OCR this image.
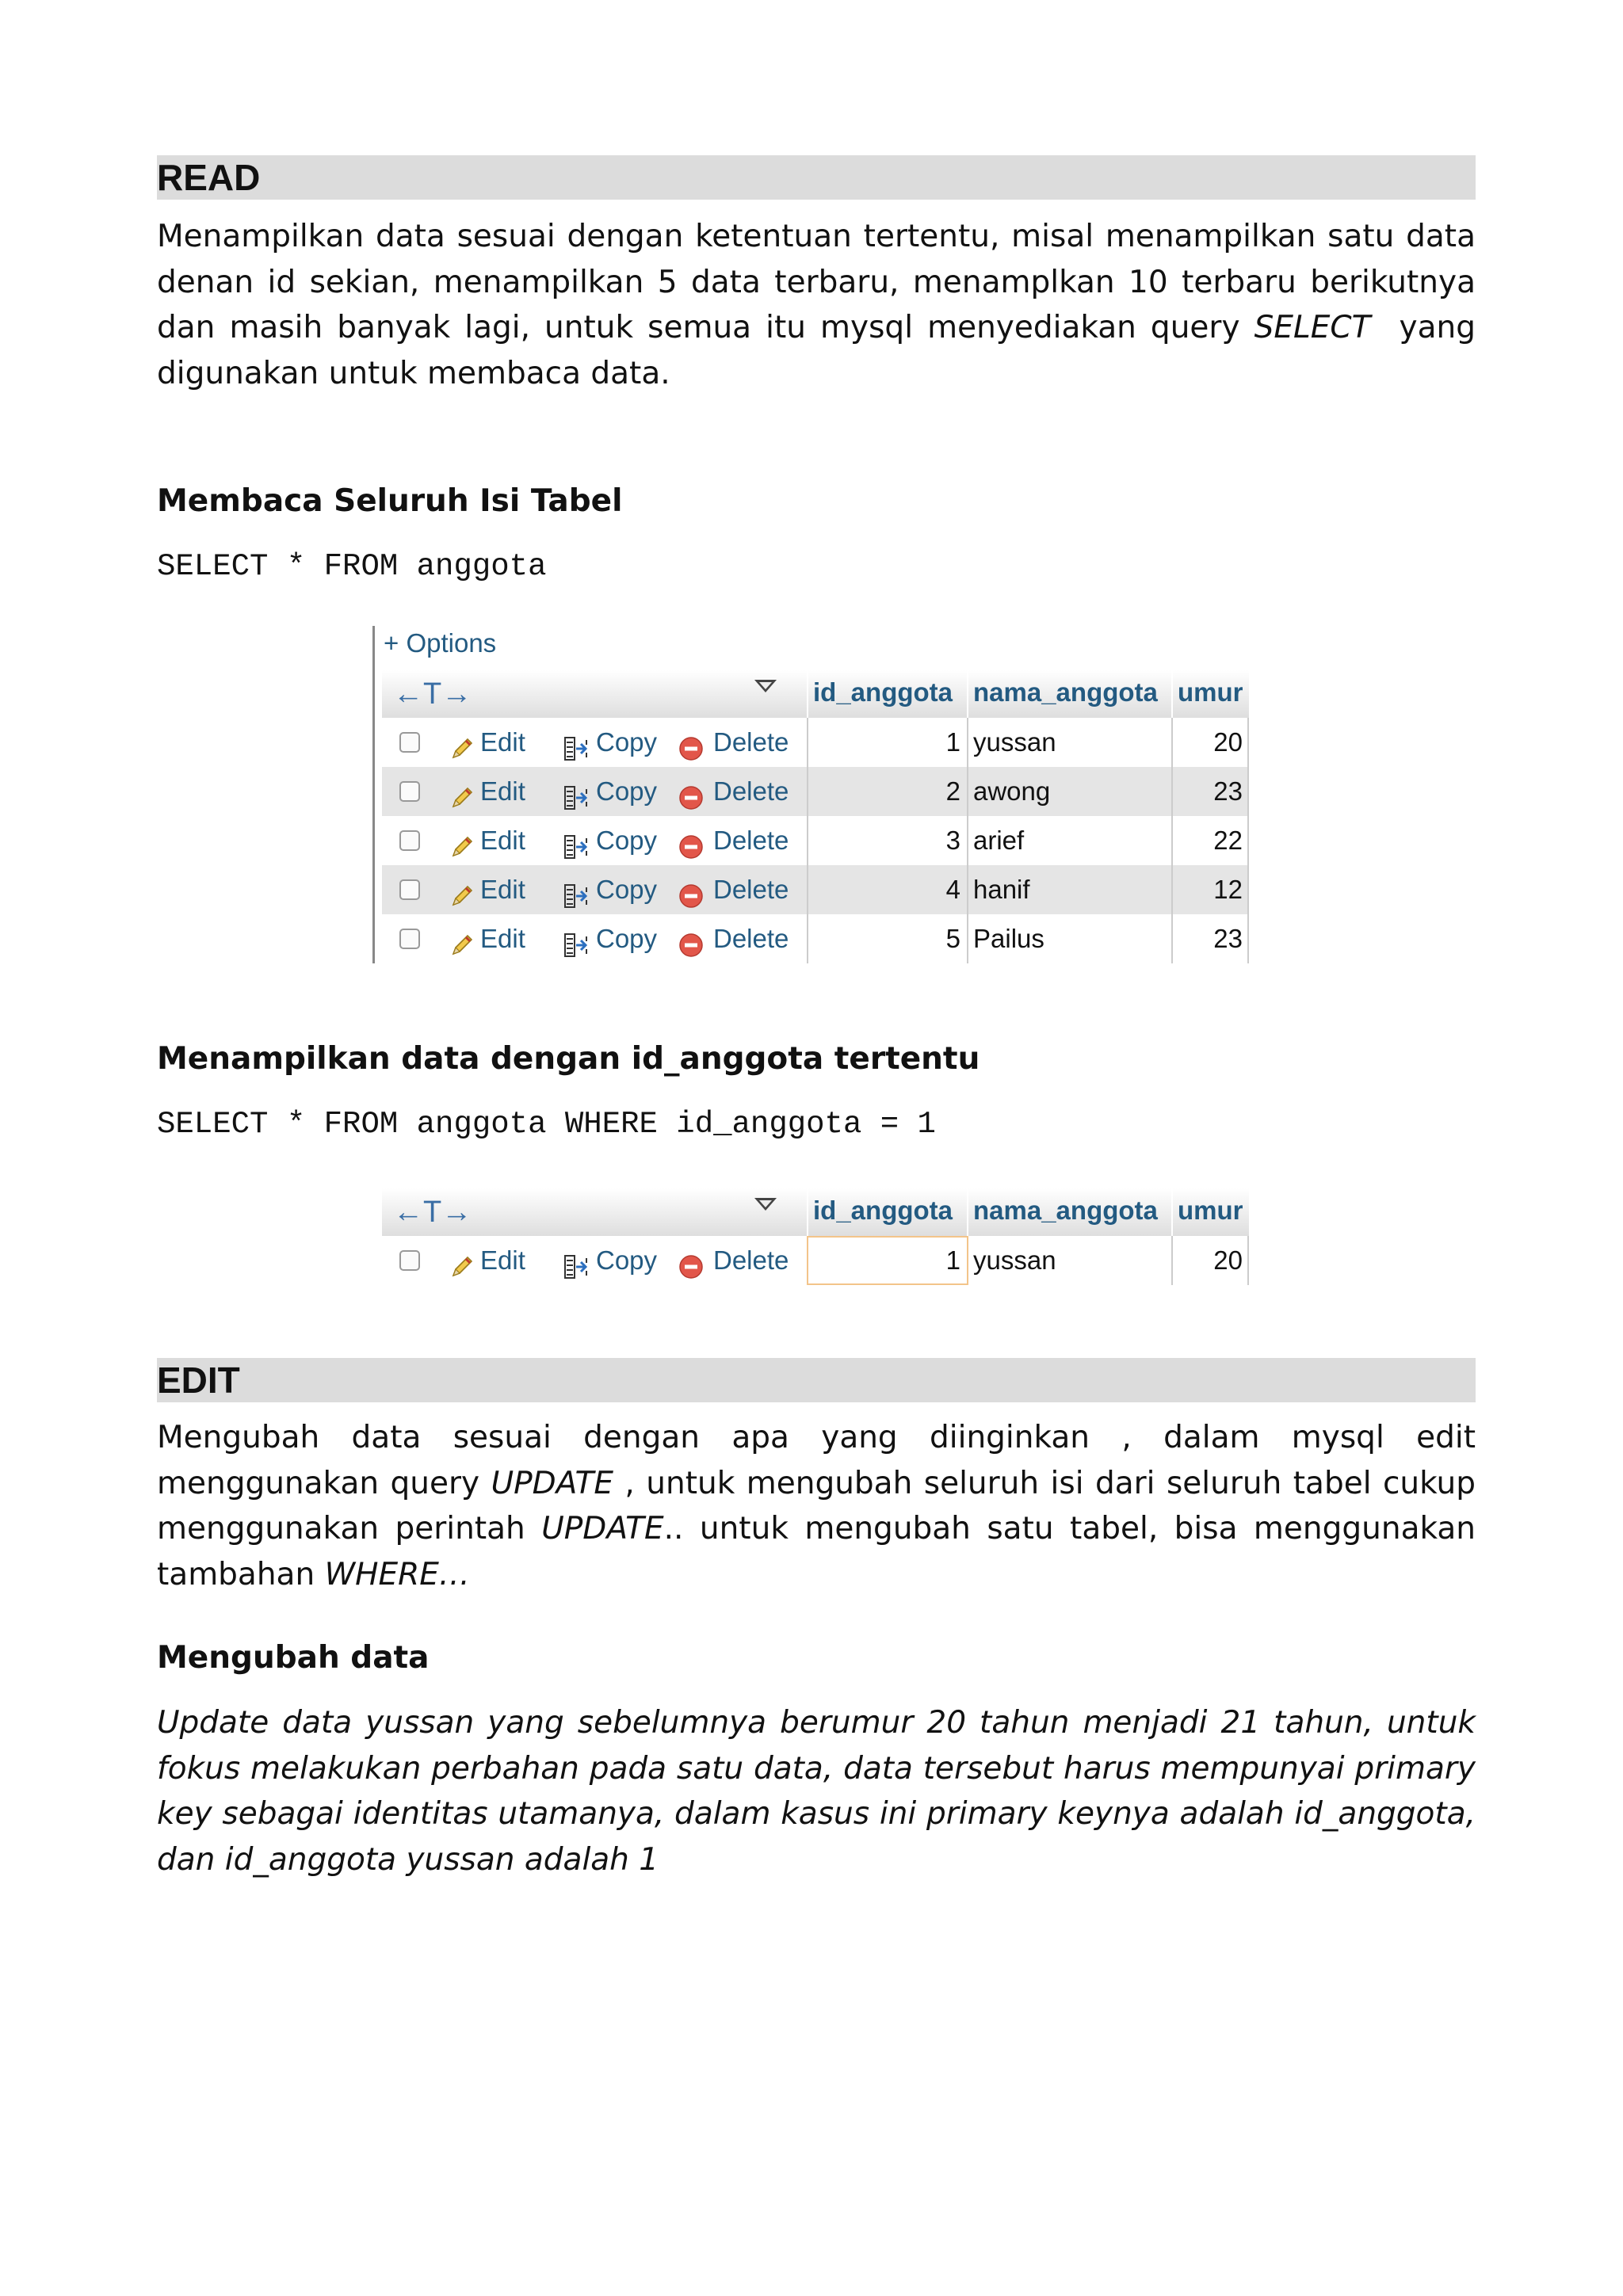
READ

Menampilkan data sesuai dengan ketentuan tertentu, misal menampilkan satu data denan id sekian, menampilkan 5 data terbaru, menamplkan 10 terbaru berikutnya dan masih banyak lagi, untuk semua itu mysql menyediakan query SELECT  yang digunakan untuk membaca data.

Membaca Seluruh Isi Tabel
SELECT * FROM anggota
+ Options
←T→	id_anggota nama_anggota umur
Edit	Copy Delete	1 yussan	20
Edit	Copy Delete	2 awong	23
Edit	Copy Delete	3 arief	22
Edit	Copy Delete	4 hanif	12
Edit	Copy Delete	5 Pailus	23
Menampilkan data dengan id_anggota tertentu
SELECT * FROM anggota WHERE id_anggota = 1
←T→	id_anggota nama_anggota umur
Edit	Copy Delete	1 yussan	20
EDIT

Mengubah data sesuai dengan apa yang diinginkan , dalam mysql edit menggunakan query UPDATE , untuk mengubah seluruh isi dari seluruh tabel cukup menggunakan perintah UPDATE.. untuk mengubah satu tabel, bisa menggunakan tambahan WHERE…

Mengubah data

Update data yussan yang sebelumnya berumur 20 tahun menjadi 21 tahun, untuk fokus melakukan perbahan pada satu data, data tersebut harus mempunyai primary key sebagai identitas utamanya, dalam kasus ini primary keynya adalah id_anggota, dan id_anggota yussan adalah 1
